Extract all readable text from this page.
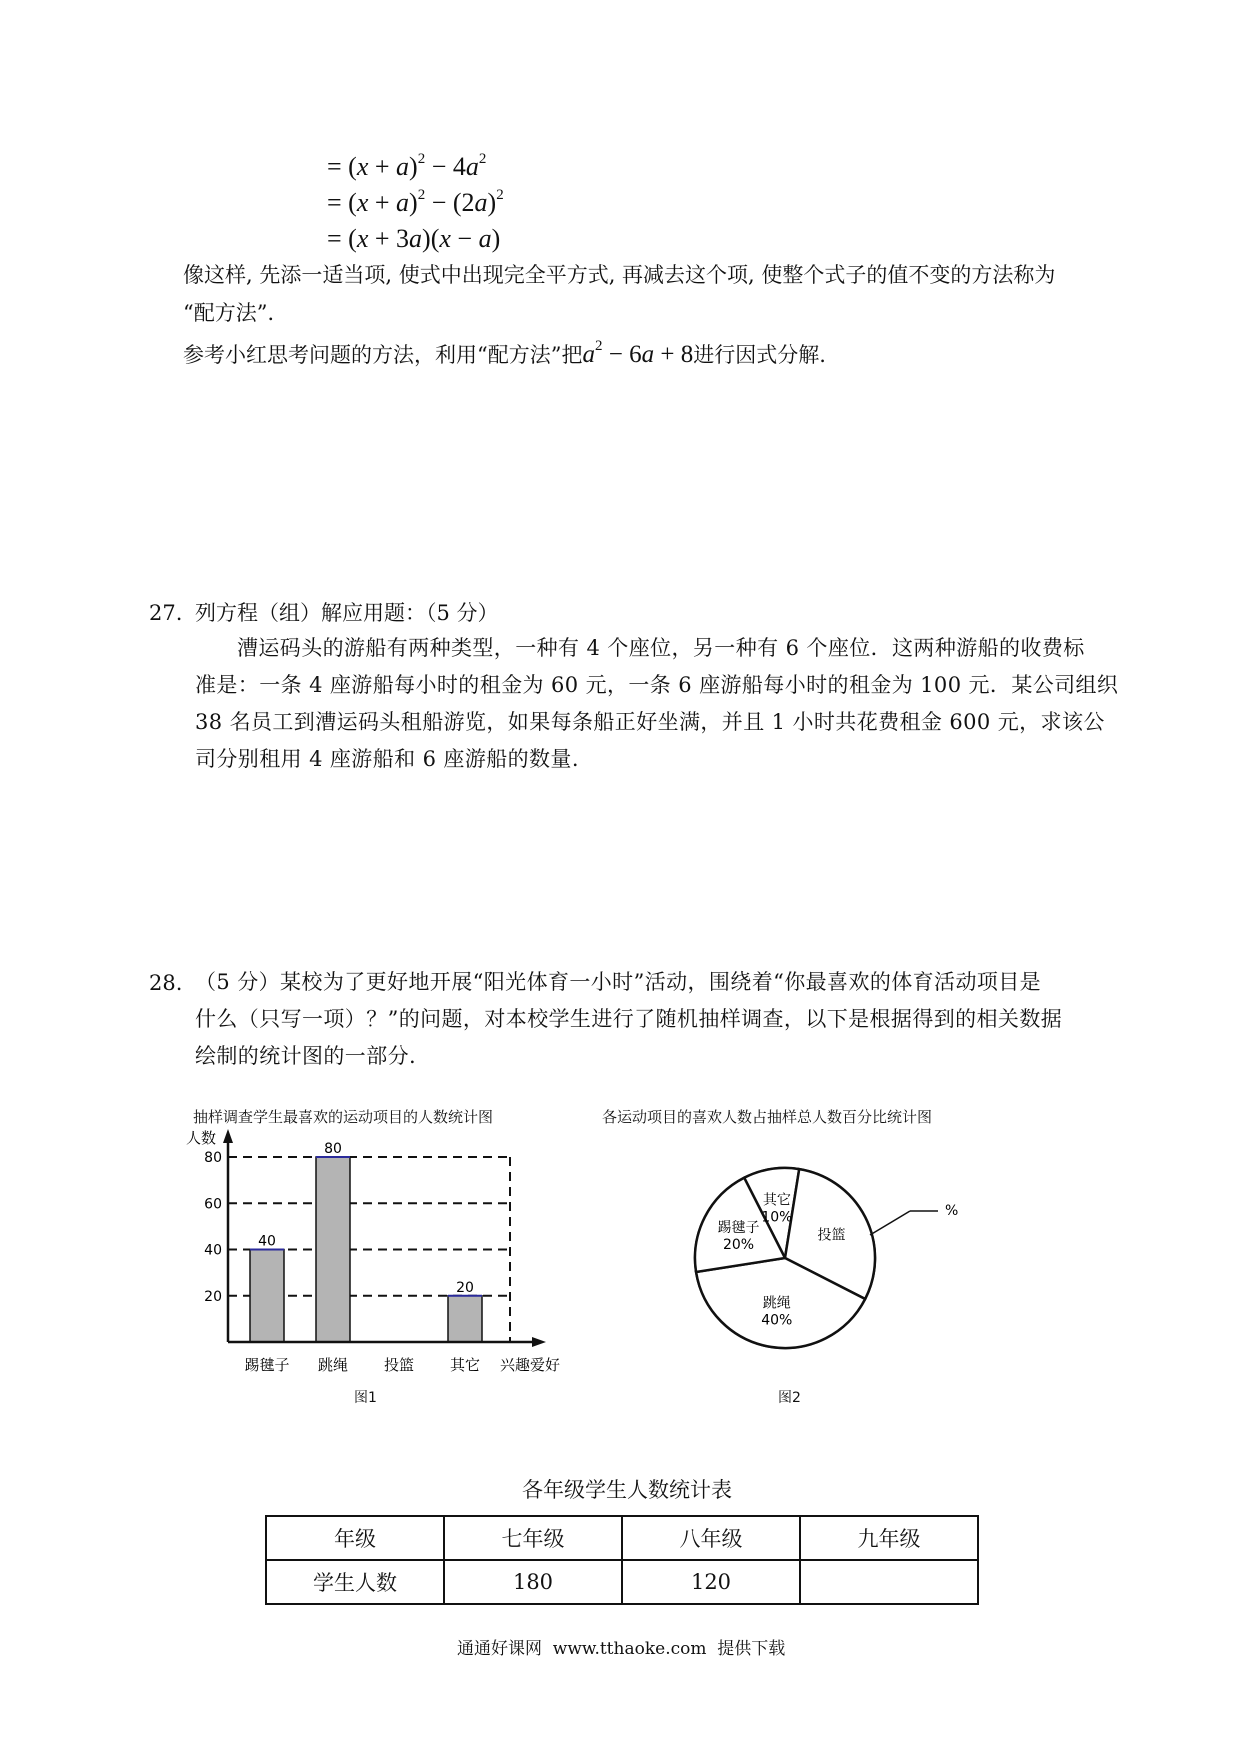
= $(x + a)^2 - 4a^2$
= $(x + a)^2 - (2a)^2$
= (x + 3a)(x − a)
像这样, 先添一适当项, 使式中出现完全平方式, 再减去这个项, 使整个式子的值不变的方法称为
“配方法”．
参考小红思考问题的方法，利用“配方法”把$a^2 - 6a + 8$进行因式分解.
27. 列方程（组）解应用题：（5 分）
漕运码头的游船有两种类型，一种有 4 个座位，另一种有 6 个座位．这两种游船的收费标
准是：一条 4 座游船每小时的租金为 60 元，一条 6 座游船每小时的租金为 100 元．某公司组织
38 名员工到漕运码头租船游览，如果每条船正好坐满，并且 1 小时共花费租金 600 元，求该公
司分别租用 4 座游船和 6 座游船的数量.
28. （5 分）某校为了更好地开展“阳光体育一小时”活动，围绕着“你最喜欢的体育活动项目是
什么（只写一项）？”的问题，对本校学生进行了随机抽样调查，以下是根据得到的相关数据
绘制的统计图的一部分.
抽样调查学生最喜欢的运动项目的人数统计图	各运动项目的喜欢人数占抽样总人数百分比统计图
40
80
20
人数
兴趣爱好
20
40
60
80
踢毽子 跳绳 投篮 其它
图1
其它
10%
投篮
跳绳
40%
踢毽子
20%
%
图2
各年级学生人数统计表
年级	七年级	八年级	九年级
学生人数	180	120	
通通好课网  www.tthaoke.com  提供下载
